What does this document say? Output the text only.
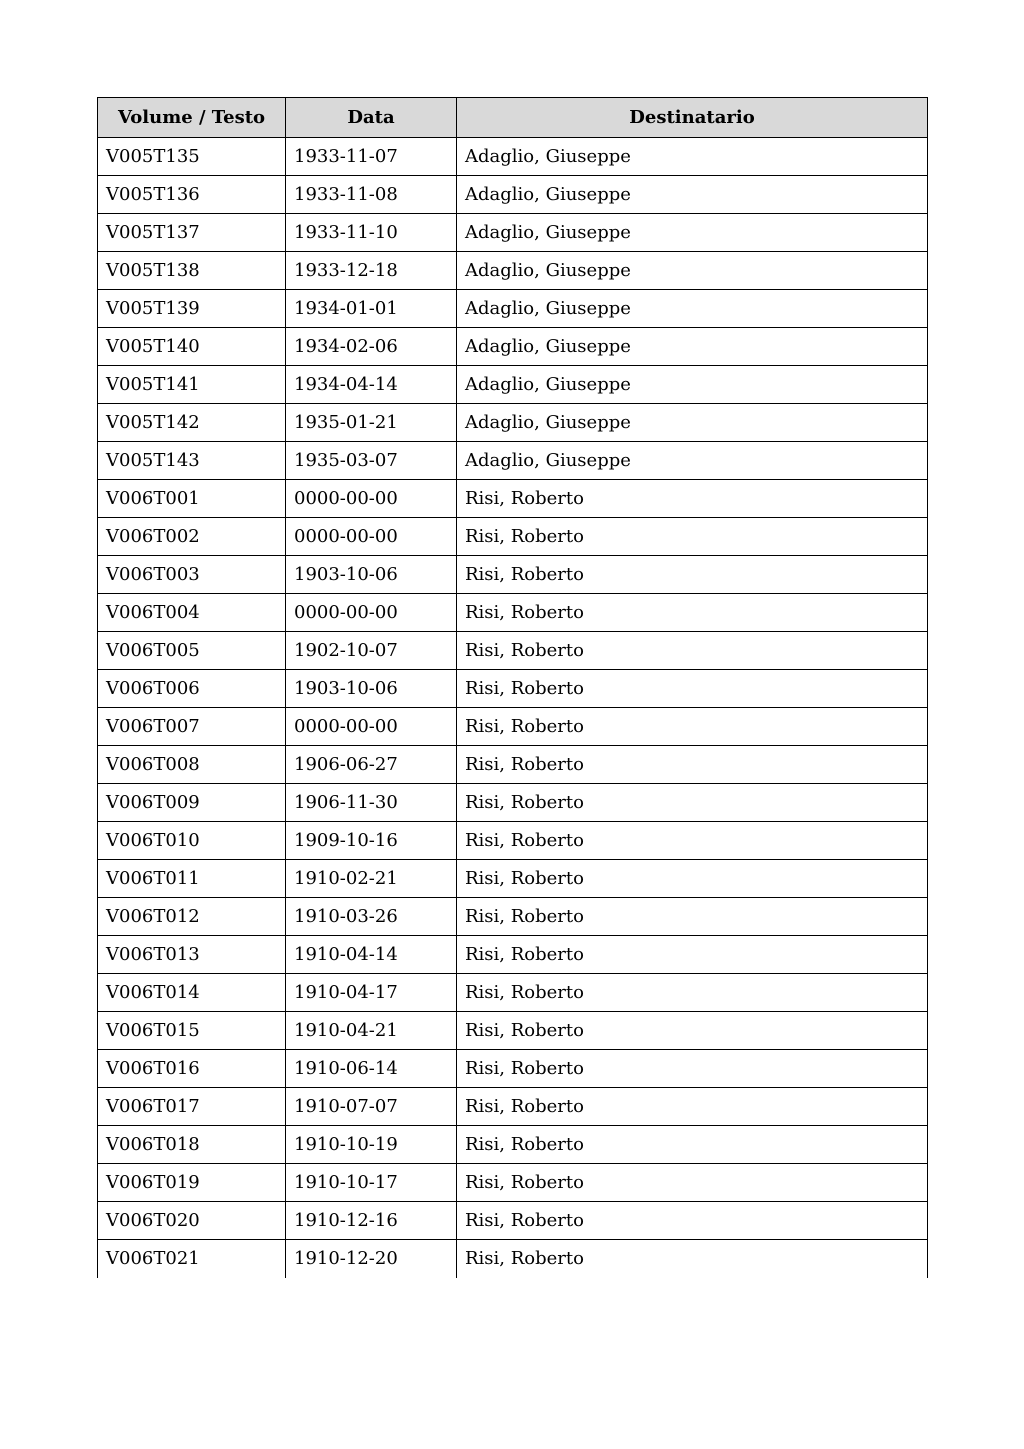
Volume / Testo	Data	Destinatario
V005T135	1933-11-07	Adaglio, Giuseppe
V005T136	1933-11-08	Adaglio, Giuseppe
V005T137	1933-11-10	Adaglio, Giuseppe
V005T138	1933-12-18	Adaglio, Giuseppe
V005T139	1934-01-01	Adaglio, Giuseppe
V005T140	1934-02-06	Adaglio, Giuseppe
V005T141	1934-04-14	Adaglio, Giuseppe
V005T142	1935-01-21	Adaglio, Giuseppe
V005T143	1935-03-07	Adaglio, Giuseppe
V006T001	0000-00-00	Risi, Roberto
V006T002	0000-00-00	Risi, Roberto
V006T003	1903-10-06	Risi, Roberto
V006T004	0000-00-00	Risi, Roberto
V006T005	1902-10-07	Risi, Roberto
V006T006	1903-10-06	Risi, Roberto
V006T007	0000-00-00	Risi, Roberto
V006T008	1906-06-27	Risi, Roberto
V006T009	1906-11-30	Risi, Roberto
V006T010	1909-10-16	Risi, Roberto
V006T011	1910-02-21	Risi, Roberto
V006T012	1910-03-26	Risi, Roberto
V006T013	1910-04-14	Risi, Roberto
V006T014	1910-04-17	Risi, Roberto
V006T015	1910-04-21	Risi, Roberto
V006T016	1910-06-14	Risi, Roberto
V006T017	1910-07-07	Risi, Roberto
V006T018	1910-10-19	Risi, Roberto
V006T019	1910-10-17	Risi, Roberto
V006T020	1910-12-16	Risi, Roberto
V006T021	1910-12-20	Risi, Roberto
